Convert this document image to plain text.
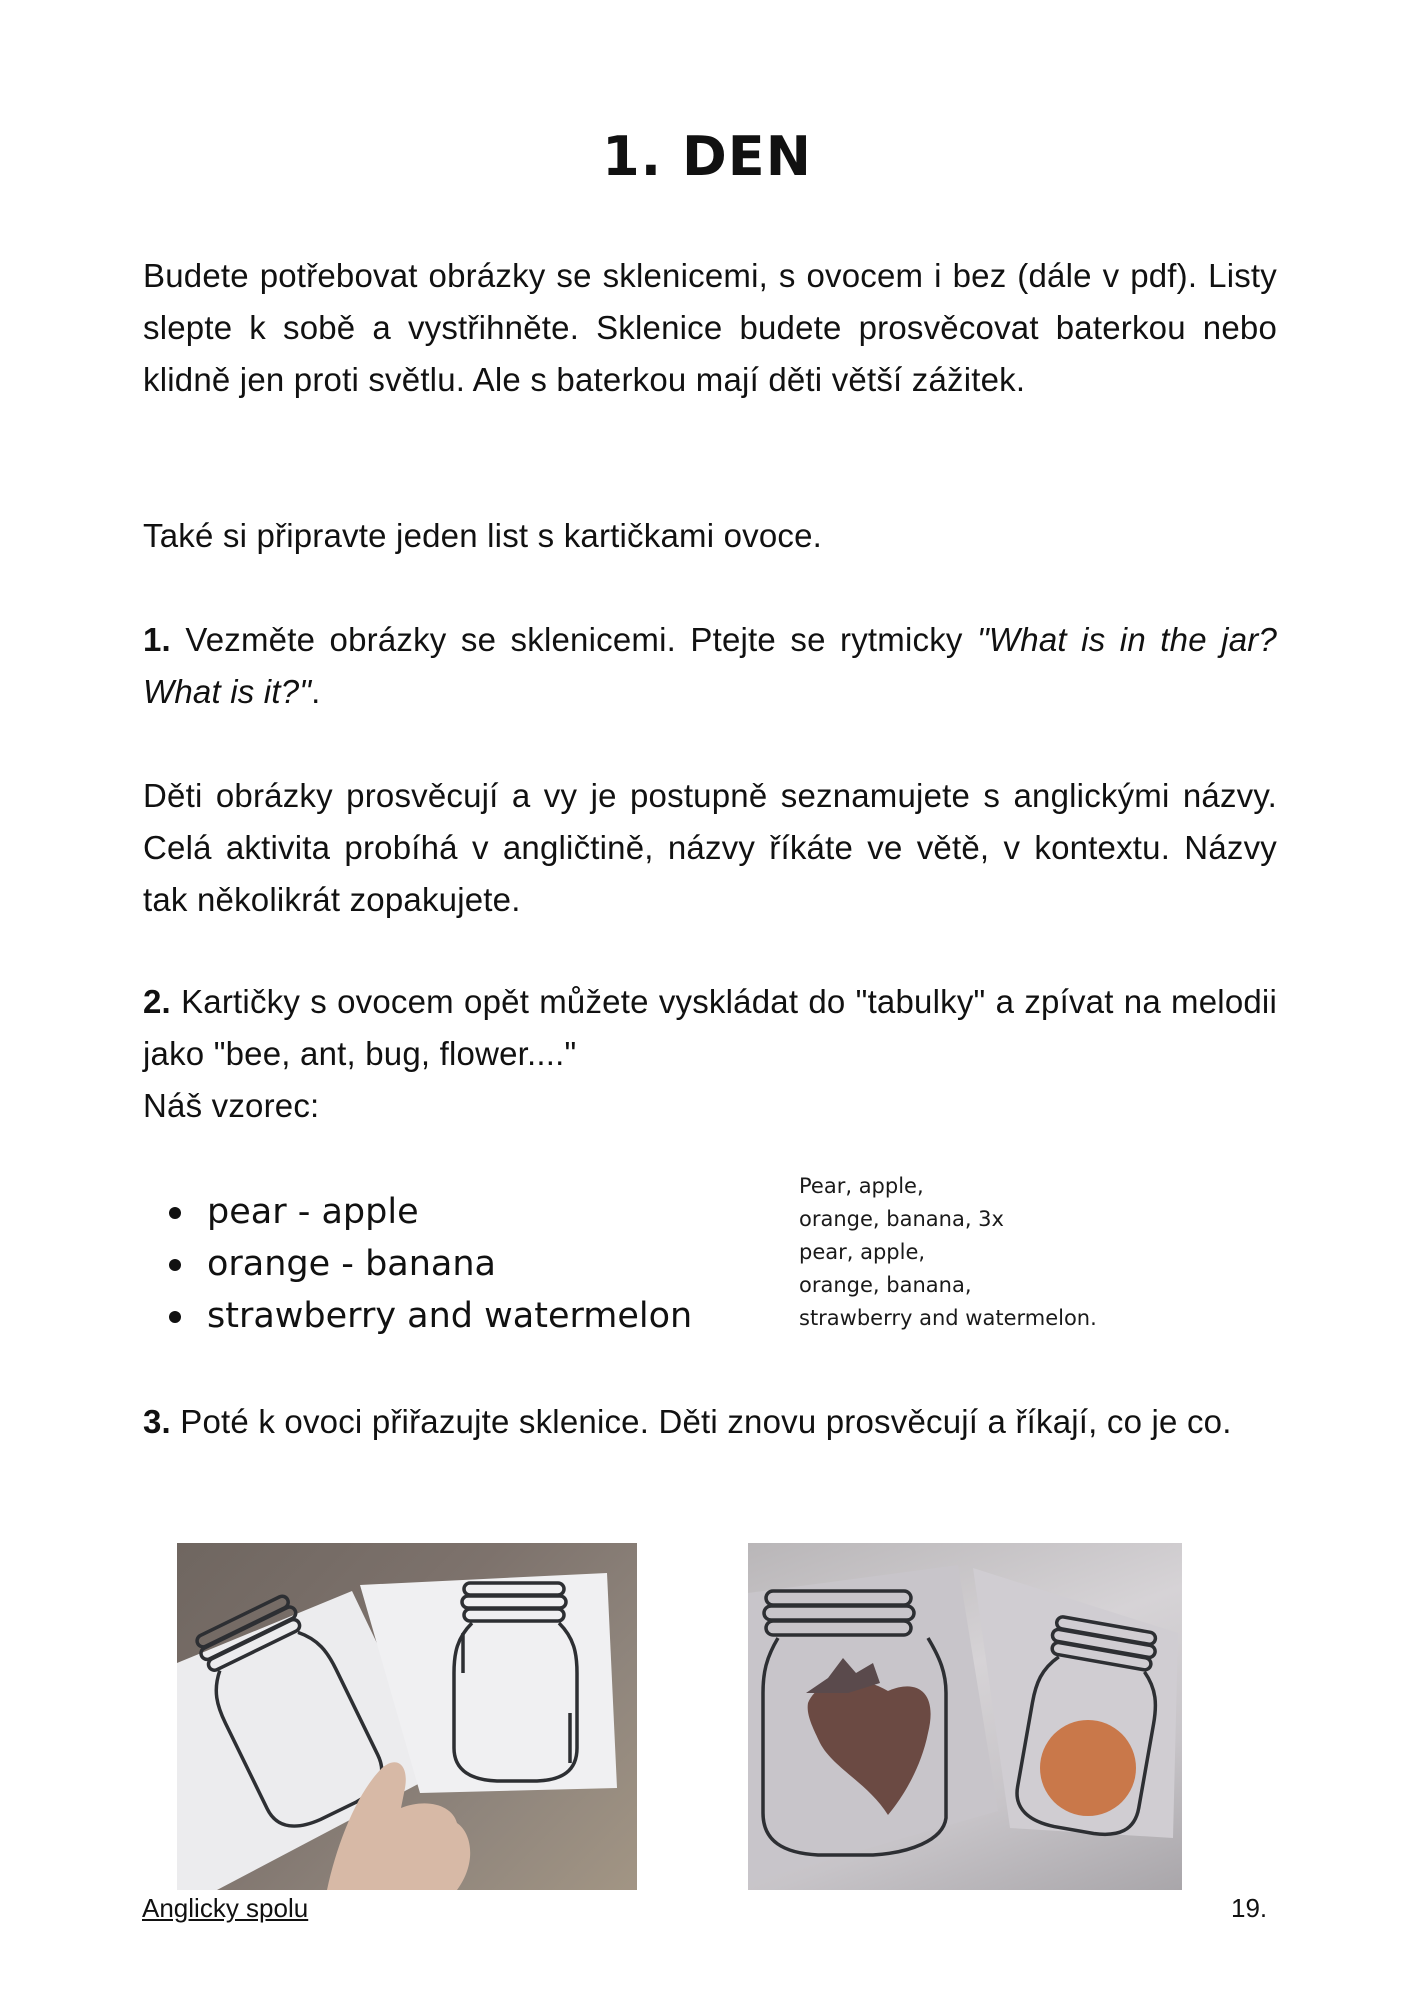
1. DEN
Budete potřebovat obrázky se sklenicemi, s ovocem i bez (dále v pdf). Listy slepte k sobě a vystřihněte. Sklenice budete prosvěcovat baterkou nebo klidně jen proti světlu. Ale s baterkou mají děti větší zážitek.
Také si připravte jeden list s kartičkami ovoce.
1. Vezměte obrázky se sklenicemi. Ptejte se rytmicky "What is in the jar? What is it?".
Děti obrázky prosvěcují a vy je postupně seznamujete s anglickými názvy. Celá aktivita probíhá v angličtině, názvy říkáte ve větě, v kontextu. Názvy tak několikrát zopakujete.
2. Kartičky s ovocem opět můžete vyskládat do "tabulky" a zpívat na melodii jako "bee, ant, bug, flower...."
Náš vzorec:
pear - apple
orange - banana
strawberry and watermelon
Pear, apple,
orange, banana, 3x
pear, apple,
orange, banana,
strawberry and watermelon.
3. Poté k ovoci přiřazujte sklenice. Děti znovu prosvěcují a říkají, co je co.
Anglicky spolu	19.
